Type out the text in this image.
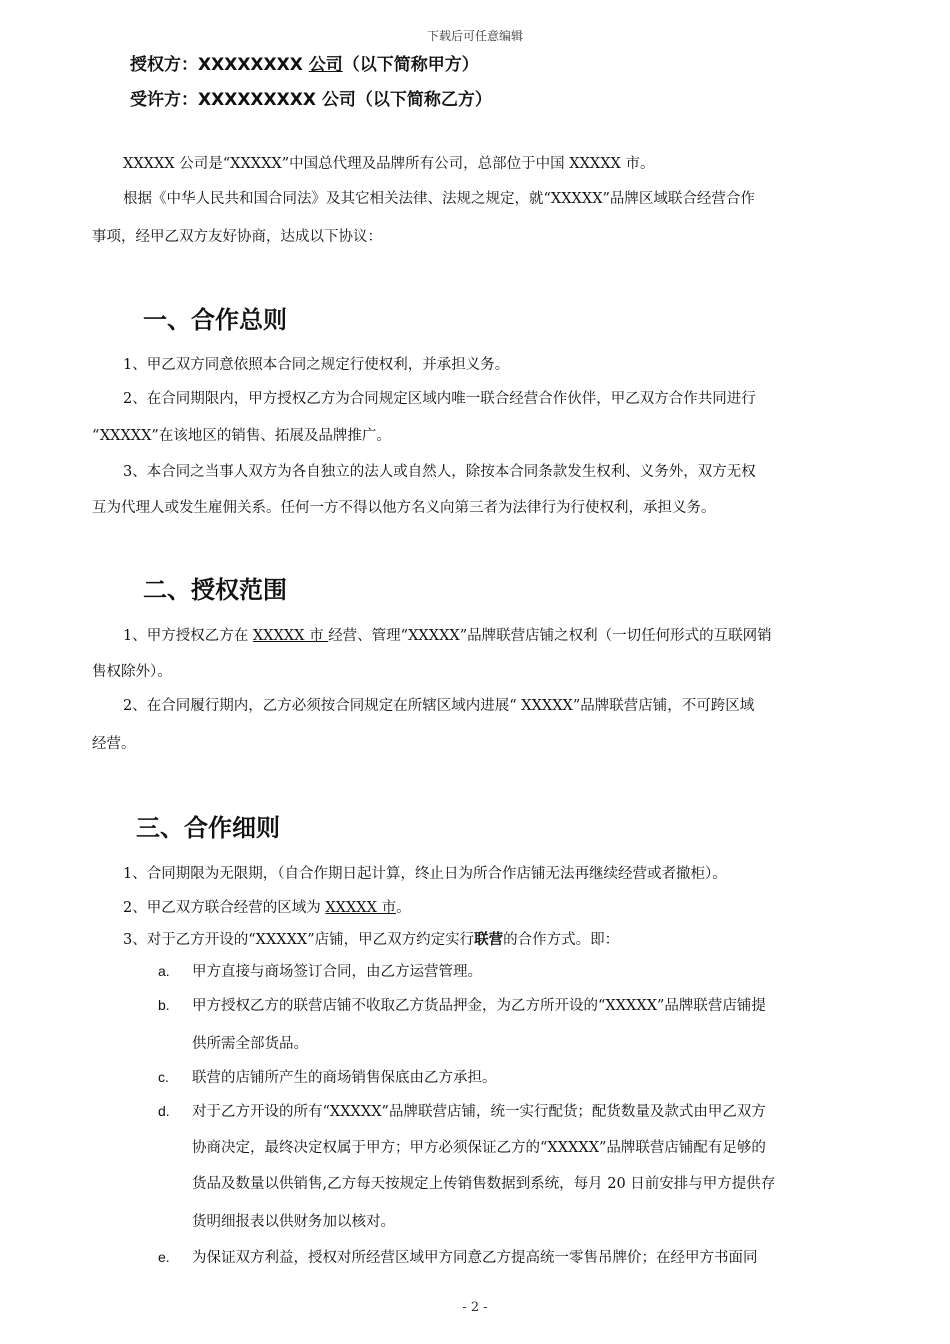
下载后可任意编辑
授权方：XXXXXXXX 公司（以下简称甲方）
受许方：XXXXXXXXX 公司（以下简称乙方）
XXXXX 公司是“XXXXX”中国总代理及品牌所有公司，总部位于中国 XXXXX 市。
根据《中华人民共和国合同法》及其它相关法律、法规之规定，就“XXXXX”品牌区域联合经营合作
事项，经甲乙双方友好协商，达成以下协议：
一、合作总则
1、甲乙双方同意依照本合同之规定行使权利，并承担义务。
2、在合同期限内，甲方授权乙方为合同规定区域内唯一联合经营合作伙伴，甲乙双方合作共同进行
“XXXXX”在该地区的销售、拓展及品牌推广。
3、本合同之当事人双方为各自独立的法人或自然人，除按本合同条款发生权利、义务外，双方无权
互为代理人或发生雇佣关系。任何一方不得以他方名义向第三者为法律行为行使权利，承担义务。
二、授权范围
1、甲方授权乙方在 XXXXX 市 经营、管理“XXXXX”品牌联营店铺之权利（一切任何形式的互联网销
售权除外）。
2、在合同履行期内，乙方必须按合同规定在所辖区域内进展“ XXXXX”品牌联营店铺，不可跨区域
经营。
三、合作细则
1、合同期限为无限期，（自合作期日起计算，终止日为所合作店铺无法再继续经营或者撤柜）。
2、甲乙双方联合经营的区域为 XXXXX 市。
3、对于乙方开设的“XXXXX”店铺，甲乙双方约定实行联营的合作方式。即：
a. 甲方直接与商场签订合同，由乙方运营管理。
b. 甲方授权乙方的联营店铺不收取乙方货品押金，为乙方所开设的“XXXXX”品牌联营店铺提
供所需全部货品。
c. 联营的店铺所产生的商场销售保底由乙方承担。
d. 对于乙方开设的所有“XXXXX”品牌联营店铺，统一实行配货；配货数量及款式由甲乙双方
协商决定，最终决定权属于甲方；甲方必须保证乙方的“XXXXX”品牌联营店铺配有足够的
货品及数量以供销售,乙方每天按规定上传销售数据到系统，每月 20 日前安排与甲方提供存
货明细报表以供财务加以核对。
e. 为保证双方利益，授权对所经营区域甲方同意乙方提高统一零售吊牌价；在经甲方书面同
- 2 -
